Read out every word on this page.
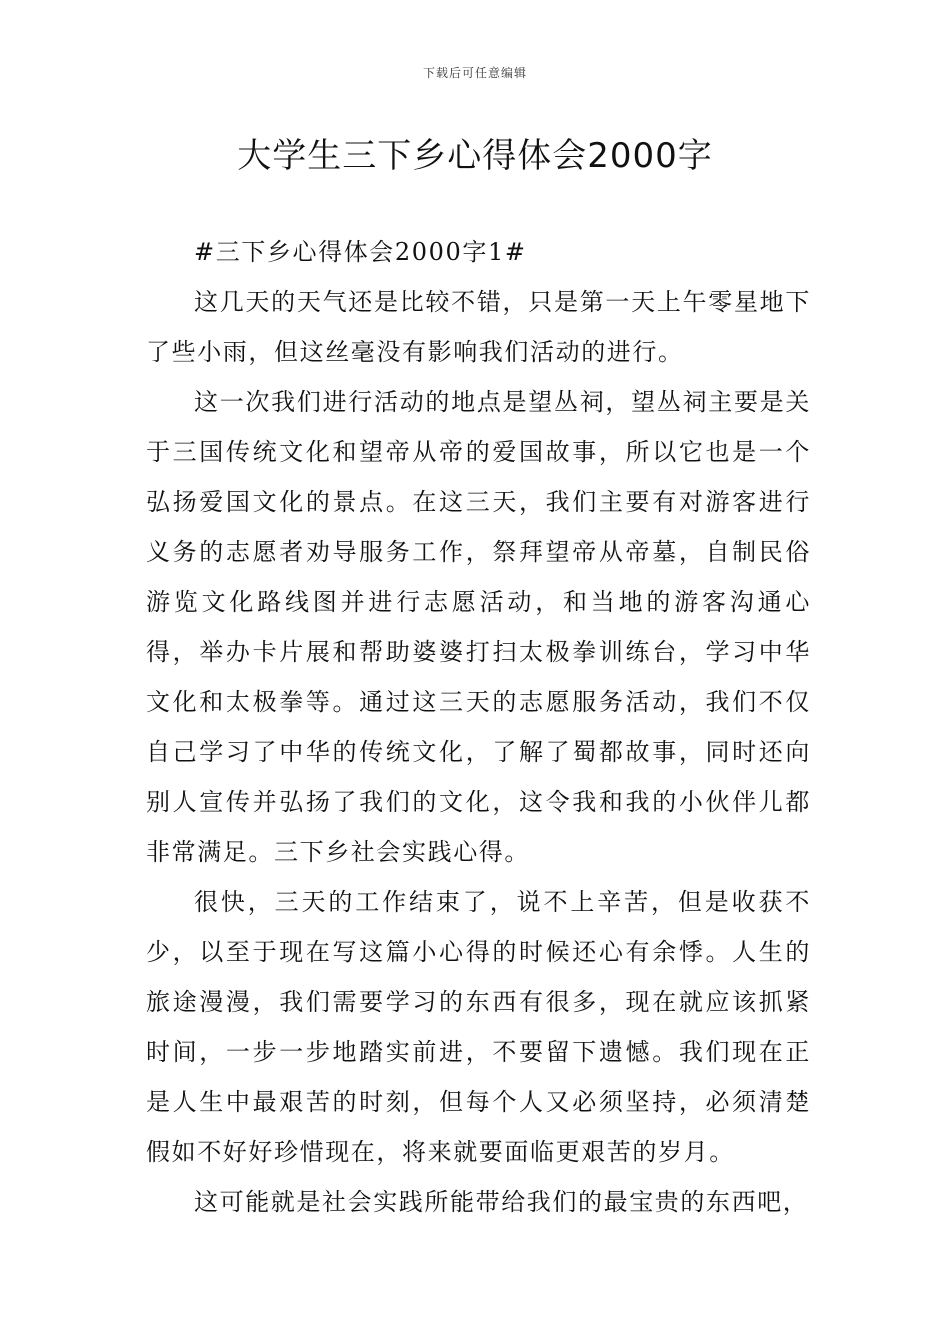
下载后可任意编辑
大学生三下乡心得体会2000字

#三下乡心得体会2000字1#

这几天的天气还是比较不错，只是第一天上午零星地下了些小雨，但这丝毫没有影响我们活动的进行。

这一次我们进行活动的地点是望丛祠，望丛祠主要是关于三国传统文化和望帝从帝的爱国故事，所以它也是一个弘扬爱国文化的景点。在这三天，我们主要有对游客进行义务的志愿者劝导服务工作，祭拜望帝从帝墓，自制民俗游览文化路线图并进行志愿活动，和当地的游客沟通心得，举办卡片展和帮助婆婆打扫太极拳训练台，学习中华文化和太极拳等。通过这三天的志愿服务活动，我们不仅自己学习了中华的传统文化，了解了蜀都故事，同时还向别人宣传并弘扬了我们的文化，这令我和我的小伙伴儿都非常满足。三下乡社会实践心得。

很快，三天的工作结束了，说不上辛苦，但是收获不少，以至于现在写这篇小心得的时候还心有余悸。人生的旅途漫漫，我们需要学习的东西有很多，现在就应该抓紧时间，一步一步地踏实前进，不要留下遗憾。我们现在正是人生中最艰苦的时刻，但每个人又必须坚持，必须清楚假如不好好珍惜现在，将来就要面临更艰苦的岁月。

这可能就是社会实践所能带给我们的最宝贵的东西吧，
